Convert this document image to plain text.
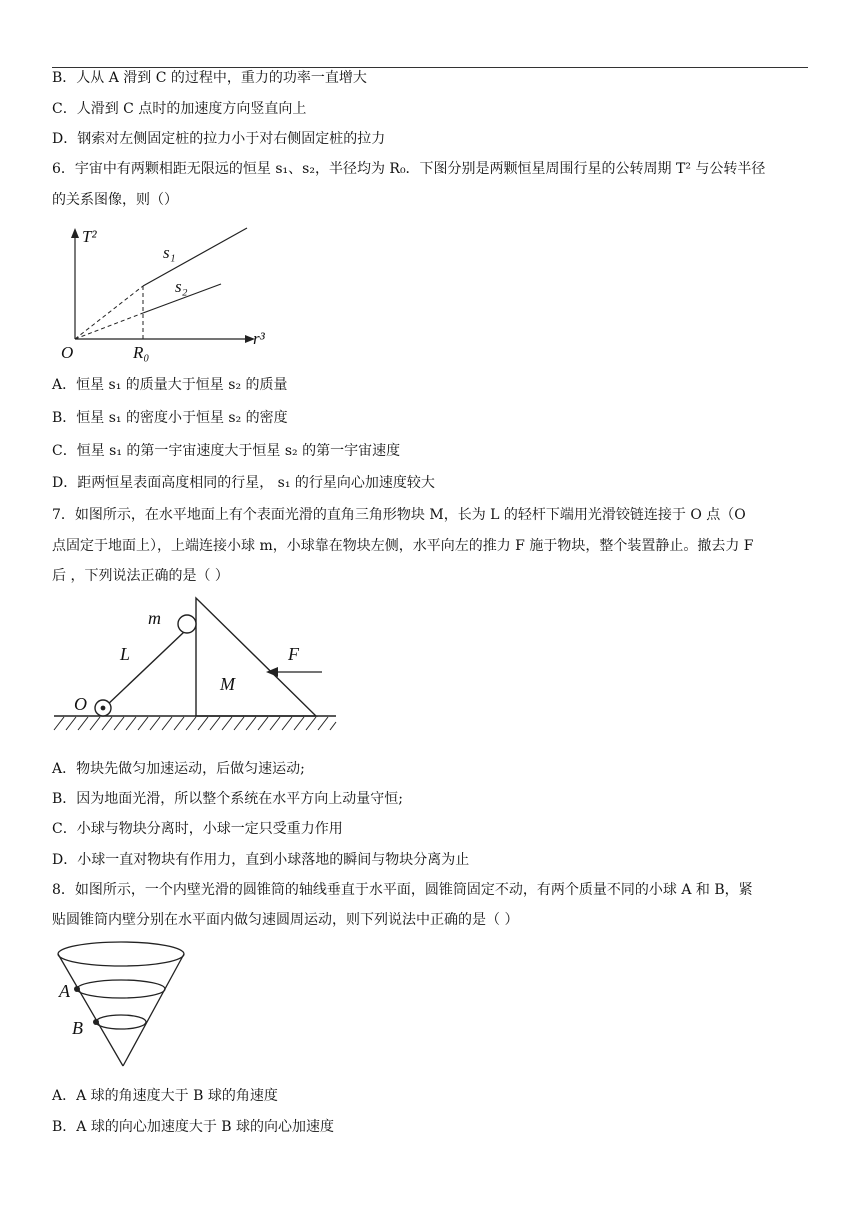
B．人从 A 滑到 C 的过程中，重力的功率一直增大
C．人滑到 C 点时的加速度方向竖直向上
D．钢索对左侧固定桩的拉力小于对右侧固定桩的拉力
6．宇宙中有两颗相距无限远的恒星 s₁、s₂，半径均为 R₀．下图分别是两颗恒星周围行星的公转周期 T² 与公转半径
的关系图像，则（）
T²
r³
O	R₀
s₁
s₂
A．恒星 s₁ 的质量大于恒星 s₂ 的质量
B．恒星 s₁ 的密度小于恒星 s₂ 的密度
C．恒星 s₁ 的第一宇宙速度大于恒星 s₂ 的第一宇宙速度
D．距两恒星表面高度相同的行星， s₁ 的行星向心加速度较大
7．如图所示，在水平地面上有个表面光滑的直角三角形物块 M，长为 L 的轻杆下端用光滑铰链连接于 O 点（O
点固定于地面上），上端连接小球 m，小球靠在物块左侧，水平向左的推力 F 施于物块，整个装置静止。撤去力 F
后 ，下列说法正确的是（ ）
m
L
M
F
O
A．物块先做匀加速运动，后做匀速运动;
B．因为地面光滑，所以整个系统在水平方向上动量守恒;
C．小球与物块分离时，小球一定只受重力作用
D．小球一直对物块有作用力，直到小球落地的瞬间与物块分离为止
8．如图所示，一个内壁光滑的圆锥筒的轴线垂直于水平面，圆锥筒固定不动，有两个质量不同的小球 A 和 B，紧
贴圆锥筒内壁分别在水平面内做匀速圆周运动，则下列说法中正确的是（ ）
A
B
A．A 球的角速度大于 B 球的角速度
B．A 球的向心加速度大于 B 球的向心加速度
